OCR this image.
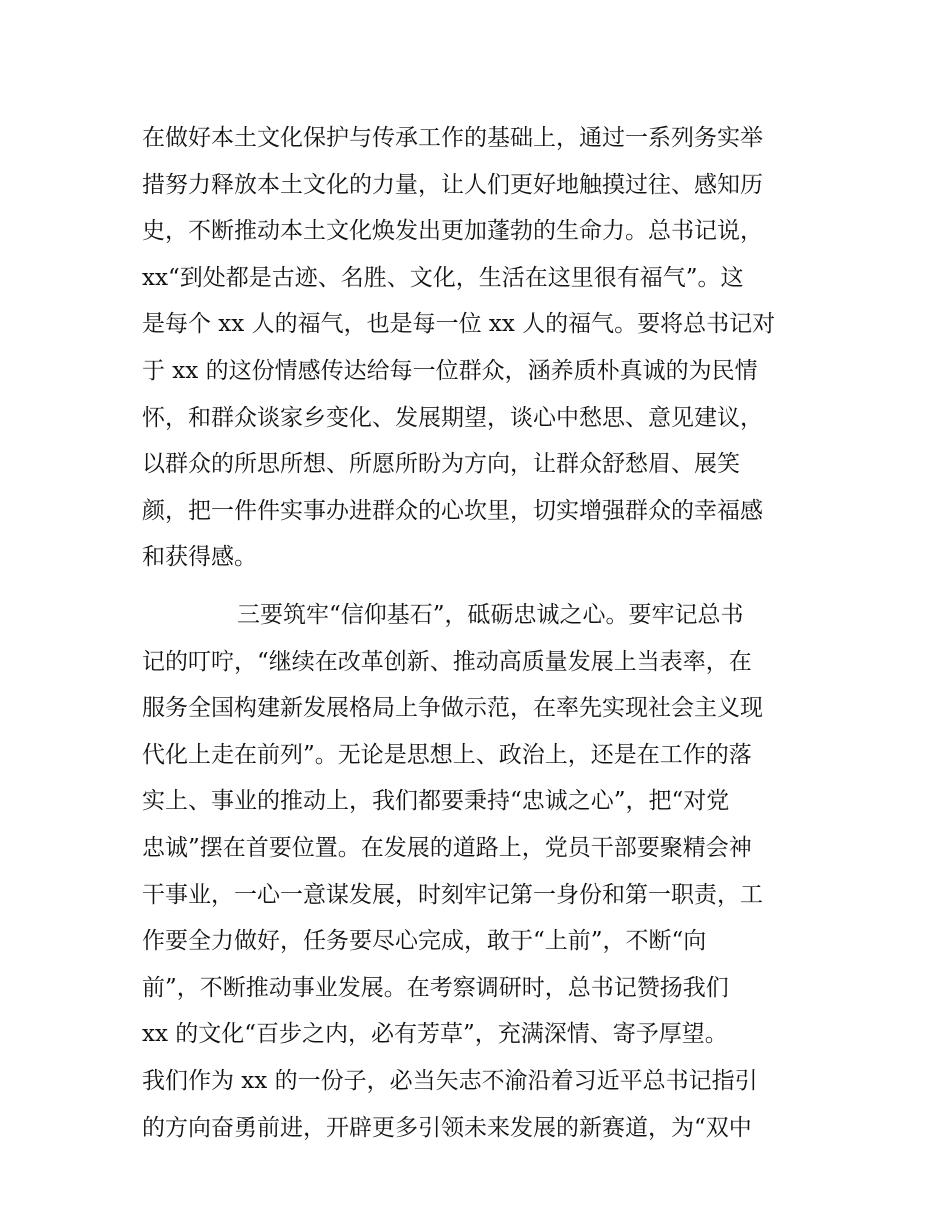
在做好本土文化保护与传承工作的基础上，通过一系列务实举
措努力释放本土文化的力量，让人们更好地触摸过往、感知历
史，不断推动本土文化焕发出更加蓬勃的生命力。总书记说，
xx“到处都是古迹、名胜、文化，生活在这里很有福气”。这
是每个 xx 人的福气，也是每一位 xx 人的福气。要将总书记对
于 xx 的这份情感传达给每一位群众，涵养质朴真诚的为民情
怀，和群众谈家乡变化、发展期望，谈心中愁思、意见建议，
以群众的所思所想、所愿所盼为方向，让群众舒愁眉、展笑
颜，把一件件实事办进群众的心坎里，切实增强群众的幸福感
和获得感。
三要筑牢“信仰基石”，砥砺忠诚之心。要牢记总书
记的叮咛，“继续在改革创新、推动高质量发展上当表率，在
服务全国构建新发展格局上争做示范，在率先实现社会主义现
代化上走在前列”。无论是思想上、政治上，还是在工作的落
实上、事业的推动上，我们都要秉持“忠诚之心”，把“对党
忠诚”摆在首要位置。在发展的道路上，党员干部要聚精会神
干事业，一心一意谋发展，时刻牢记第一身份和第一职责，工
作要全力做好，任务要尽心完成，敢于“上前”，不断“向
前”，不断推动事业发展。在考察调研时，总书记赞扬我们
xx 的文化“百步之内，必有芳草”，充满深情、寄予厚望。
我们作为 xx 的一份子，必当矢志不渝沿着习近平总书记指引
的方向奋勇前进，开辟更多引领未来发展的新赛道，为“双中
